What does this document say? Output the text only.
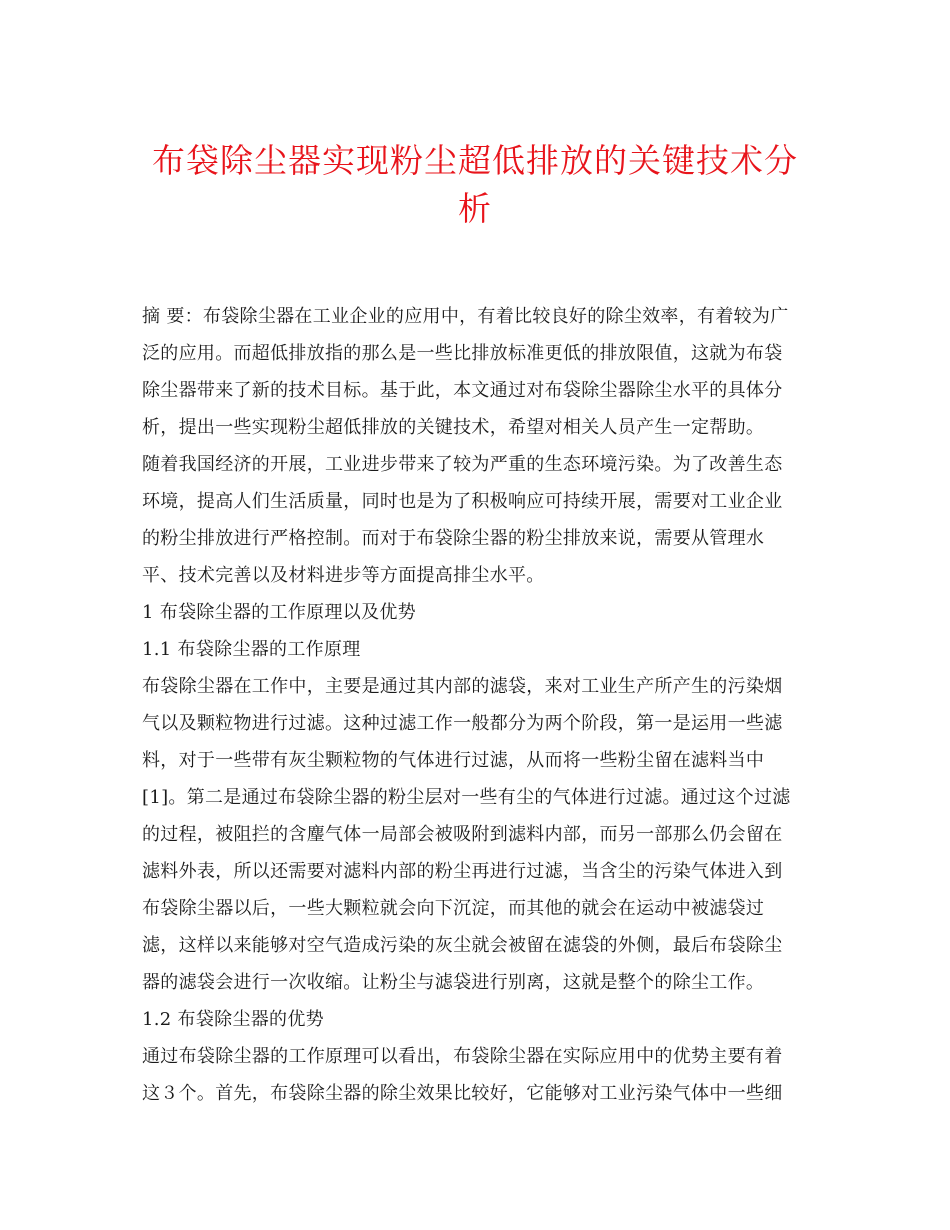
布袋除尘器实现粉尘超低排放的关键技术分
析
摘 要：布袋除尘器在工业企业的应用中，有着比较良好的除尘效率，有着较为广
泛的应用。而超低排放指的那么是一些比排放标准更低的排放限值，这就为布袋
除尘器带来了新的技术目标。基于此，本文通过对布袋除尘器除尘水平的具体分
析，提出一些实现粉尘超低排放的关键技术，希望对相关人员产生一定帮助。
随着我国经济的开展，工业进步带来了较为严重的生态环境污染。为了改善生态
环境，提高人们生活质量，同时也是为了积极响应可持续开展，需要对工业企业
的粉尘排放进行严格控制。而对于布袋除尘器的粉尘排放来说，需要从管理水
平、技术完善以及材料进步等方面提高排尘水平。
1 布袋除尘器的工作原理以及优势
1.1 布袋除尘器的工作原理
布袋除尘器在工作中，主要是通过其内部的滤袋，来对工业生产所产生的污染烟
气以及颗粒物进行过滤。这种过滤工作一般都分为两个阶段，第一是运用一些滤
料，对于一些带有灰尘颗粒物的气体进行过滤，从而将一些粉尘留在滤料当中
[1]。第二是通过布袋除尘器的粉尘层对一些有尘的气体进行过滤。通过这个过滤
的过程，被阻拦的含麈气体一局部会被吸附到滤料内部，而另一部那么仍会留在
滤料外表，所以还需要对滤料内部的粉尘再进行过滤，当含尘的污染气体进入到
布袋除尘器以后，一些大颗粒就会向下沉淀，而其他的就会在运动中被滤袋过
滤，这样以来能够对空气造成污染的灰尘就会被留在滤袋的外侧，最后布袋除尘
器的滤袋会进行一次收缩。让粉尘与滤袋进行别离，这就是整个的除尘工作。
1.2 布袋除尘器的优势
通过布袋除尘器的工作原理可以看出，布袋除尘器在实际应用中的优势主要有着
这３个。首先，布袋除尘器的除尘效果比较好，它能够对工业污染气体中一些细
